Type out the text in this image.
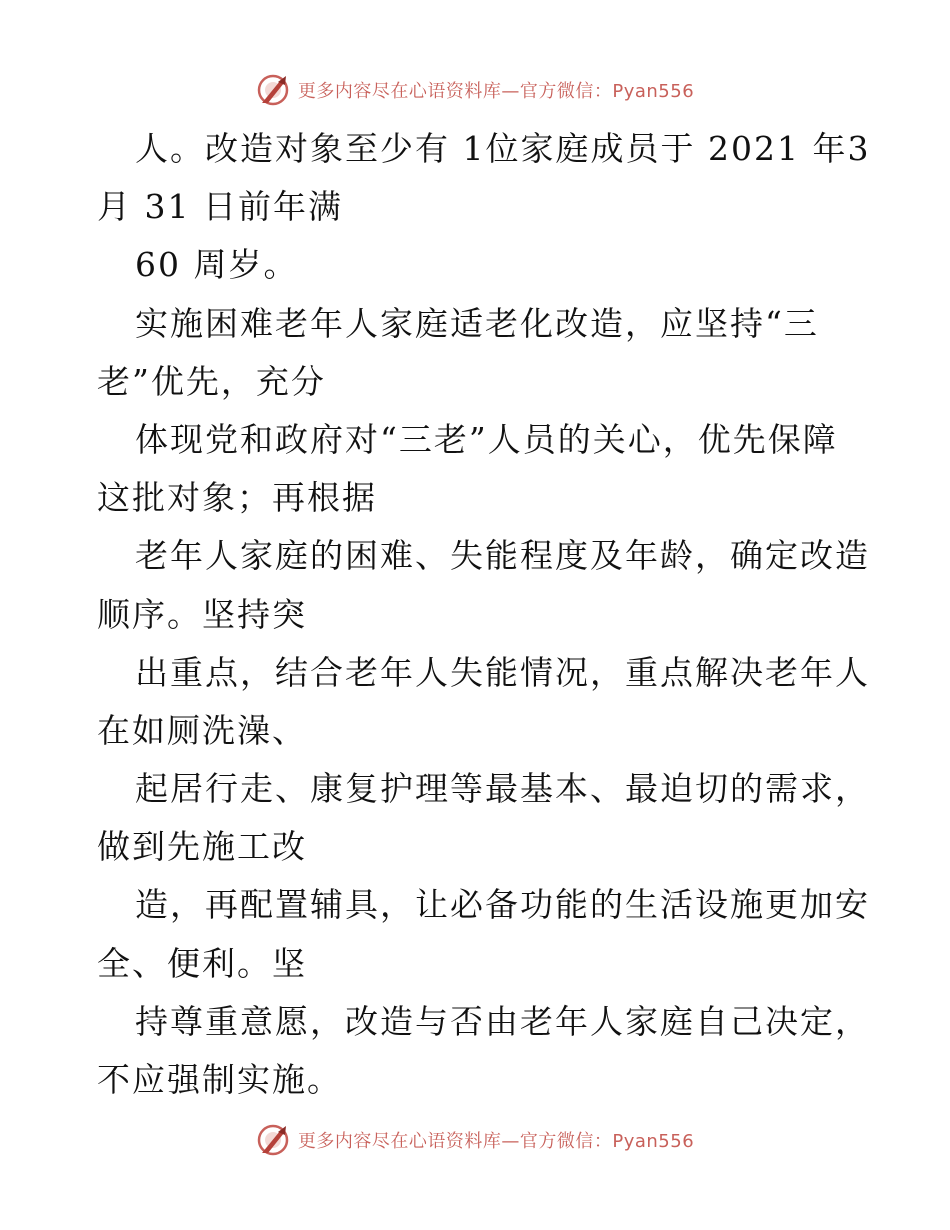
更多内容尽在心语资料库—官方微信：Pyan556
人。改造对象至少有 1位家庭成员于 2021 年3
月 31 日前年满
60 周岁。
实施困难老年人家庭适老化改造，应坚持“三
老”优先，充分
体现党和政府对“三老”人员的关心，优先保障
这批对象；再根据
老年人家庭的困难、失能程度及年龄，确定改造
顺序。坚持突
出重点，结合老年人失能情况，重点解决老年人
在如厕洗澡、
起居行走、康复护理等最基本、最迫切的需求，
做到先施工改
造，再配置辅具，让必备功能的生活设施更加安
全、便利。坚
持尊重意愿，改造与否由老年人家庭自己决定，
不应强制实施。
更多内容尽在心语资料库—官方微信：Pyan556
